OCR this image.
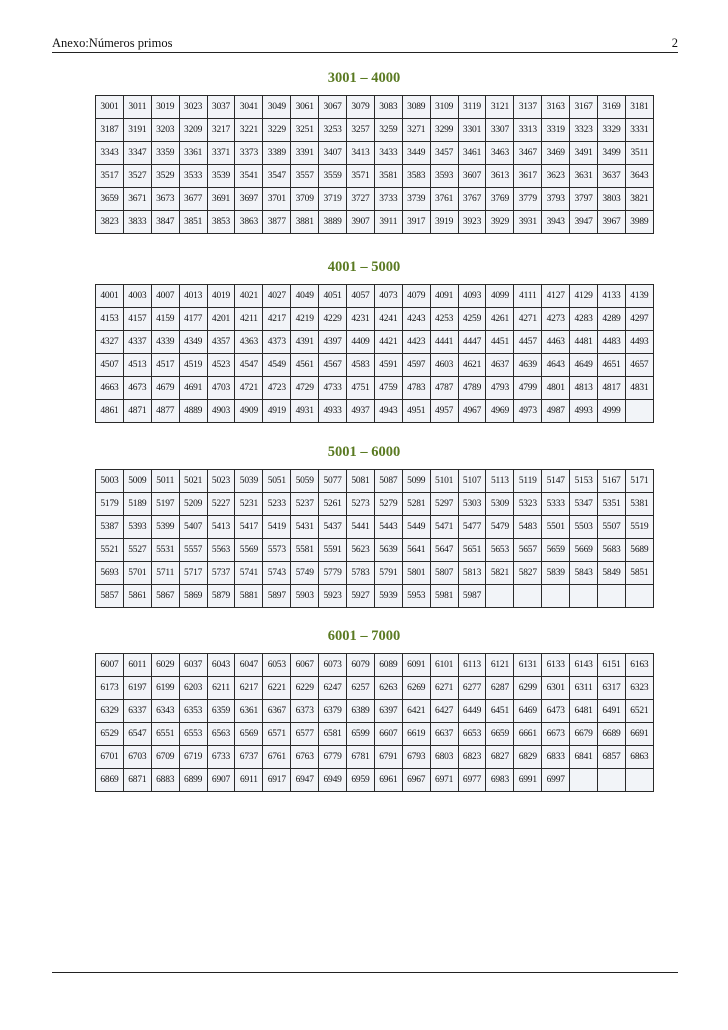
Anexo:Números primos	2
3001 – 4000
3001	3011	3019	3023	3037	3041	3049	3061	3067	3079	3083	3089	3109	3119	3121	3137	3163	3167	3169	3181
3187	3191	3203	3209	3217	3221	3229	3251	3253	3257	3259	3271	3299	3301	3307	3313	3319	3323	3329	3331
3343	3347	3359	3361	3371	3373	3389	3391	3407	3413	3433	3449	3457	3461	3463	3467	3469	3491	3499	3511
3517	3527	3529	3533	3539	3541	3547	3557	3559	3571	3581	3583	3593	3607	3613	3617	3623	3631	3637	3643
3659	3671	3673	3677	3691	3697	3701	3709	3719	3727	3733	3739	3761	3767	3769	3779	3793	3797	3803	3821
3823	3833	3847	3851	3853	3863	3877	3881	3889	3907	3911	3917	3919	3923	3929	3931	3943	3947	3967	3989
4001 – 5000
4001	4003	4007	4013	4019	4021	4027	4049	4051	4057	4073	4079	4091	4093	4099	4111	4127	4129	4133	4139
4153	4157	4159	4177	4201	4211	4217	4219	4229	4231	4241	4243	4253	4259	4261	4271	4273	4283	4289	4297
4327	4337	4339	4349	4357	4363	4373	4391	4397	4409	4421	4423	4441	4447	4451	4457	4463	4481	4483	4493
4507	4513	4517	4519	4523	4547	4549	4561	4567	4583	4591	4597	4603	4621	4637	4639	4643	4649	4651	4657
4663	4673	4679	4691	4703	4721	4723	4729	4733	4751	4759	4783	4787	4789	4793	4799	4801	4813	4817	4831
4861	4871	4877	4889	4903	4909	4919	4931	4933	4937	4943	4951	4957	4967	4969	4973	4987	4993	4999	
5001 – 6000
5003	5009	5011	5021	5023	5039	5051	5059	5077	5081	5087	5099	5101	5107	5113	5119	5147	5153	5167	5171
5179	5189	5197	5209	5227	5231	5233	5237	5261	5273	5279	5281	5297	5303	5309	5323	5333	5347	5351	5381
5387	5393	5399	5407	5413	5417	5419	5431	5437	5441	5443	5449	5471	5477	5479	5483	5501	5503	5507	5519
5521	5527	5531	5557	5563	5569	5573	5581	5591	5623	5639	5641	5647	5651	5653	5657	5659	5669	5683	5689
5693	5701	5711	5717	5737	5741	5743	5749	5779	5783	5791	5801	5807	5813	5821	5827	5839	5843	5849	5851
5857	5861	5867	5869	5879	5881	5897	5903	5923	5927	5939	5953	5981	5987						
6001 – 7000
6007	6011	6029	6037	6043	6047	6053	6067	6073	6079	6089	6091	6101	6113	6121	6131	6133	6143	6151	6163
6173	6197	6199	6203	6211	6217	6221	6229	6247	6257	6263	6269	6271	6277	6287	6299	6301	6311	6317	6323
6329	6337	6343	6353	6359	6361	6367	6373	6379	6389	6397	6421	6427	6449	6451	6469	6473	6481	6491	6521
6529	6547	6551	6553	6563	6569	6571	6577	6581	6599	6607	6619	6637	6653	6659	6661	6673	6679	6689	6691
6701	6703	6709	6719	6733	6737	6761	6763	6779	6781	6791	6793	6803	6823	6827	6829	6833	6841	6857	6863
6869	6871	6883	6899	6907	6911	6917	6947	6949	6959	6961	6967	6971	6977	6983	6991	6997			
